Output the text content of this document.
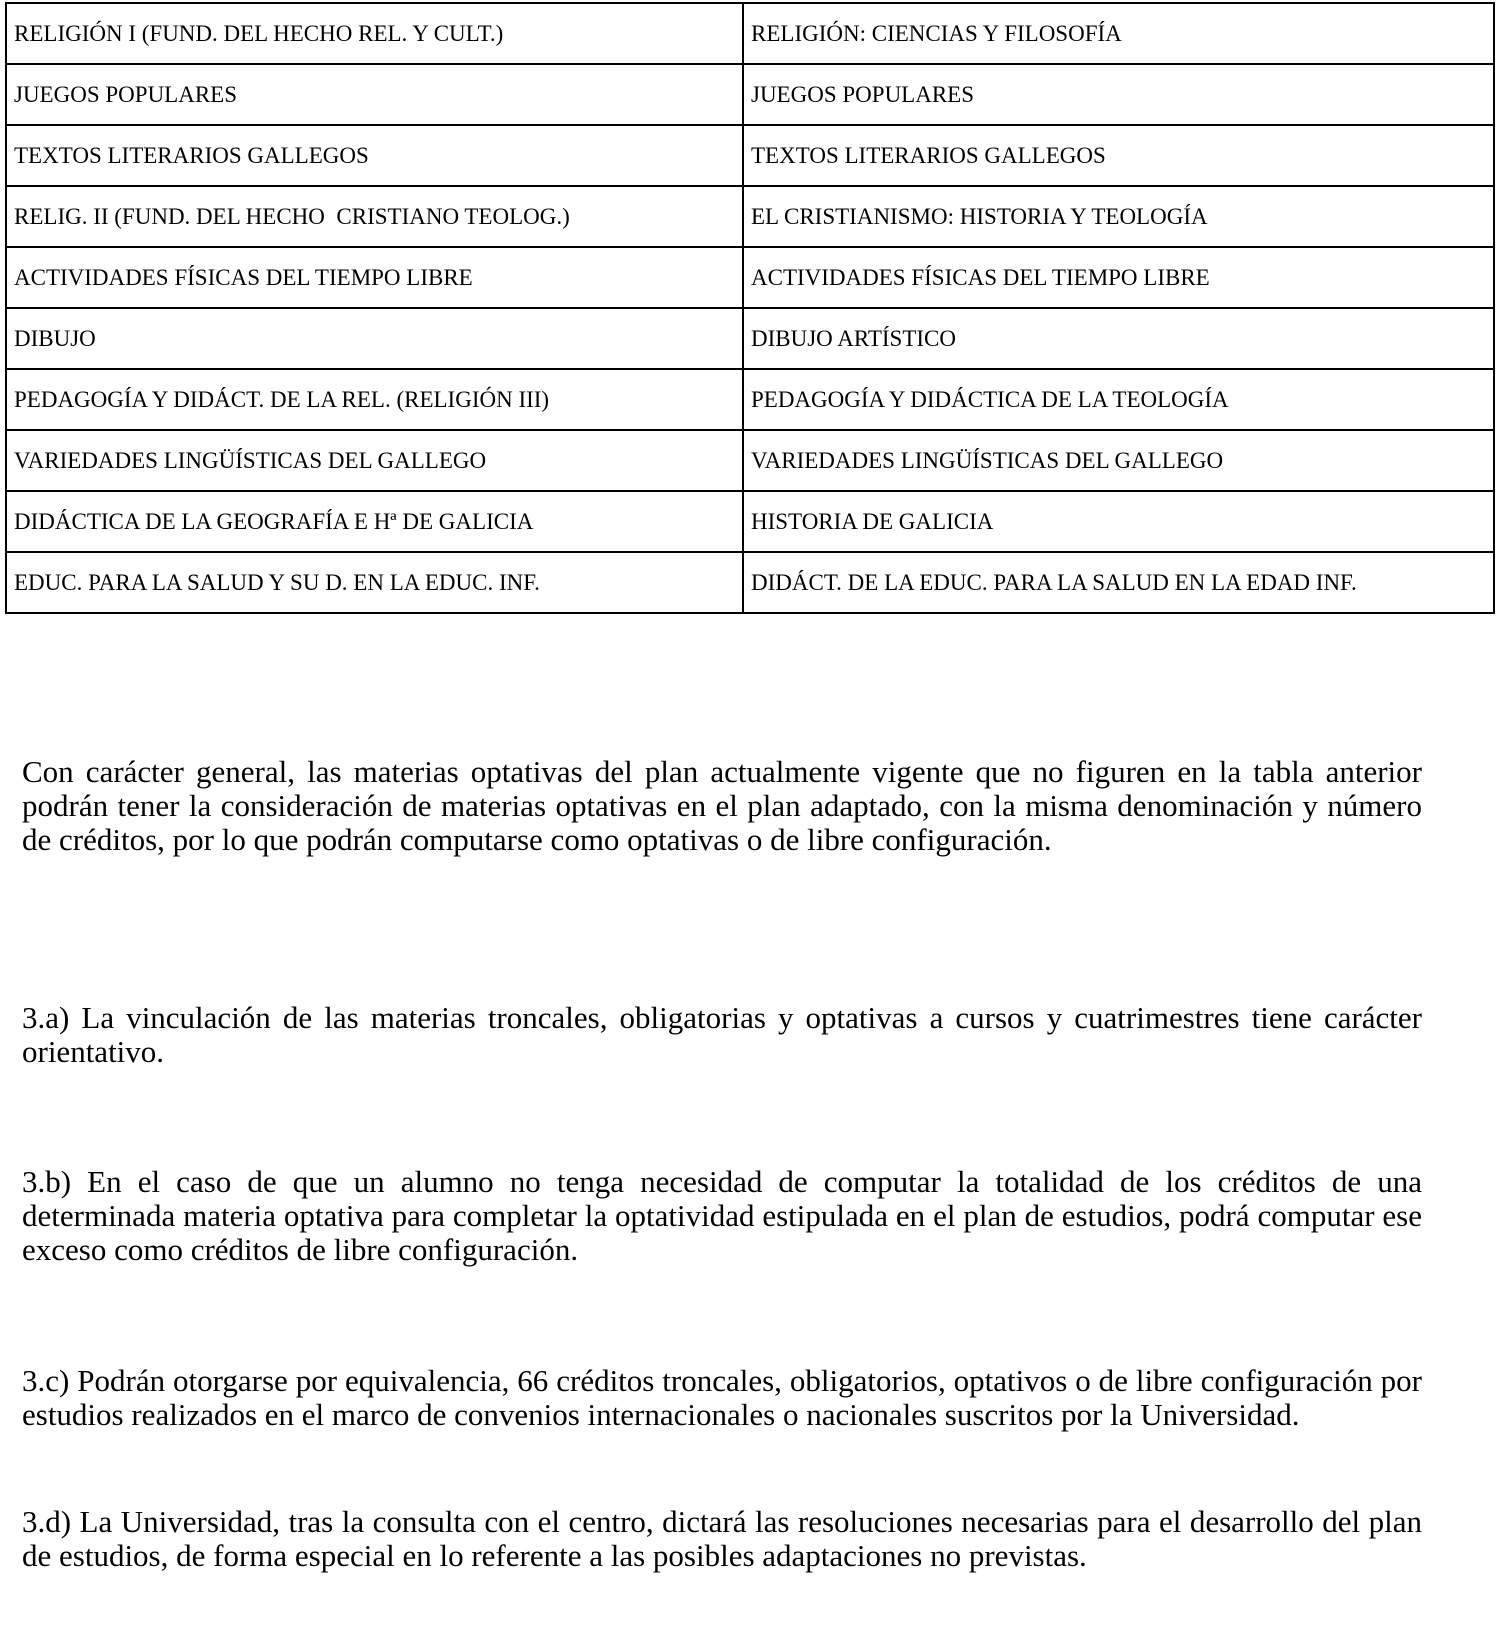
RELIGIÓN I (FUND. DEL HECHO REL. Y CULT.)	RELIGIÓN: CIENCIAS Y FILOSOFÍA
JUEGOS POPULARES	JUEGOS POPULARES
TEXTOS LITERARIOS GALLEGOS	TEXTOS LITERARIOS GALLEGOS
RELIG. II (FUND. DEL HECHO  CRISTIANO TEOLOG.)	EL CRISTIANISMO: HISTORIA Y TEOLOGÍA
ACTIVIDADES FÍSICAS DEL TIEMPO LIBRE	ACTIVIDADES FÍSICAS DEL TIEMPO LIBRE
DIBUJO	DIBUJO ARTÍSTICO
PEDAGOGÍA Y DIDÁCT. DE LA REL. (RELIGIÓN III)	PEDAGOGÍA Y DIDÁCTICA DE LA TEOLOGÍA
VARIEDADES LINGÜÍSTICAS DEL GALLEGO	VARIEDADES LINGÜÍSTICAS DEL GALLEGO
DIDÁCTICA DE LA GEOGRAFÍA E Hª DE GALICIA	HISTORIA DE GALICIA
EDUC. PARA LA SALUD Y SU D. EN LA EDUC. INF.	DIDÁCT. DE LA EDUC. PARA LA SALUD EN LA EDAD INF.

Con carácter general, las materias optativas del plan actualmente vigente que no figuren en la tabla anterior podrán tener la consideración de materias optativas en el plan adaptado, con la misma denominación y número de créditos, por lo que podrán computarse como optativas o de libre configuración.

3.a) La vinculación de las materias troncales, obligatorias y optativas a cursos y cuatrimestres tiene carácter orientativo.

3.b) En el caso de que un alumno no tenga necesidad de computar la totalidad de los créditos de una determinada materia optativa para completar la optatividad estipulada en el plan de estudios, podrá computar ese exceso como créditos de libre configuración.

3.c) Podrán otorgarse por equivalencia, 66 créditos troncales, obligatorios, optativos o de libre configuración por estudios realizados en el marco de convenios internacionales o nacionales suscritos por la Universidad.

3.d) La Universidad, tras la consulta con el centro, dictará las resoluciones necesarias para el desarrollo del plan de estudios, de forma especial en lo referente a las posibles adaptaciones no previstas.
